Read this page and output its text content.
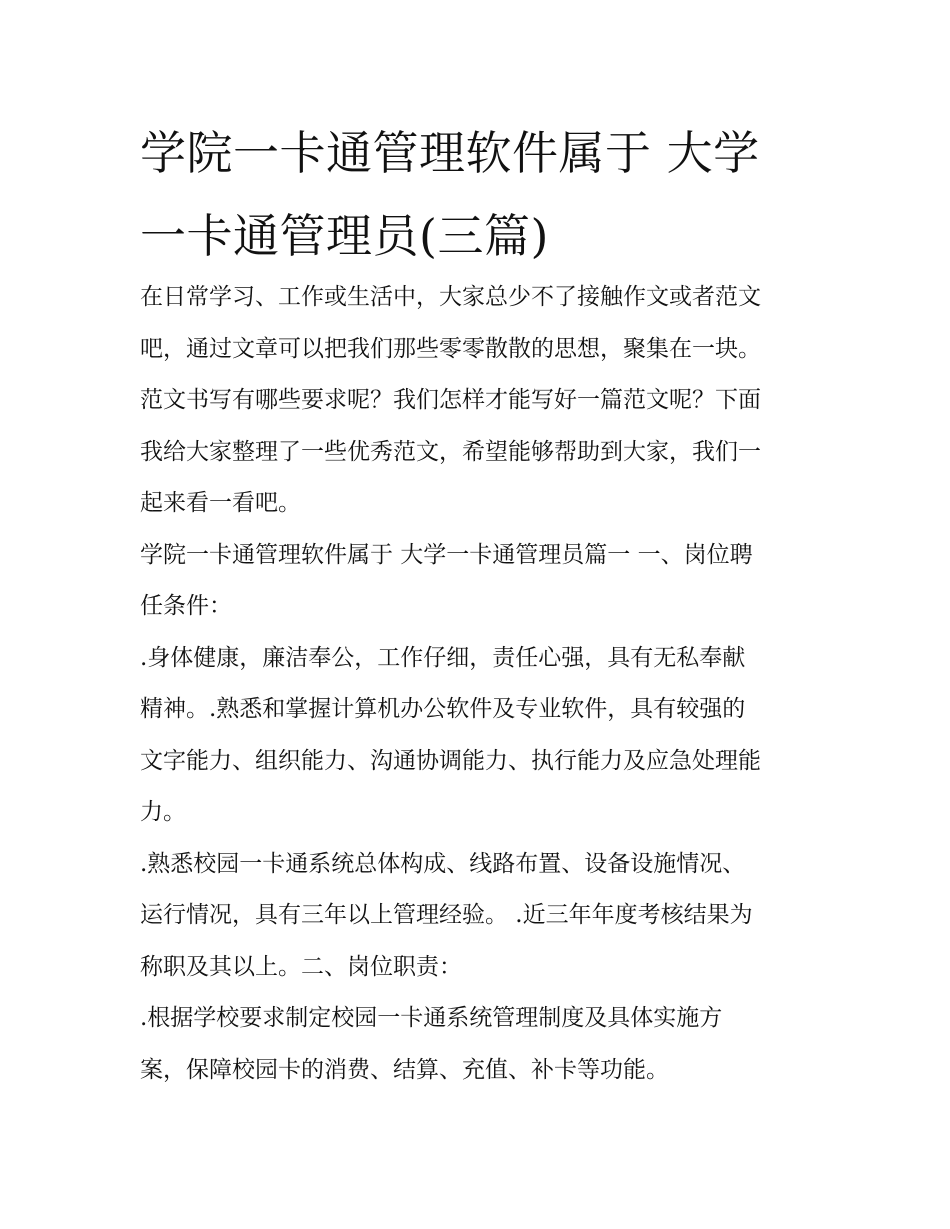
学院一卡通管理软件属于 大学
一卡通管理员(三篇)
在日常学习、工作或生活中，大家总少不了接触作文或者范文
吧，通过文章可以把我们那些零零散散的思想，聚集在一块。
范文书写有哪些要求呢？我们怎样才能写好一篇范文呢？下面
我给大家整理了一些优秀范文，希望能够帮助到大家，我们一
起来看一看吧。
学院一卡通管理软件属于 大学一卡通管理员篇一 一、岗位聘
任条件：
.身体健康，廉洁奉公，工作仔细，责任心强，具有无私奉献
精神。.熟悉和掌握计算机办公软件及专业软件，具有较强的
文字能力、组织能力、沟通协调能力、执行能力及应急处理能
力。
.熟悉校园一卡通系统总体构成、线路布置、设备设施情况、
运行情况，具有三年以上管理经验。 .近三年年度考核结果为
称职及其以上。二、岗位职责：
.根据学校要求制定校园一卡通系统管理制度及具体实施方
案，保障校园卡的消费、结算、充值、补卡等功能。
